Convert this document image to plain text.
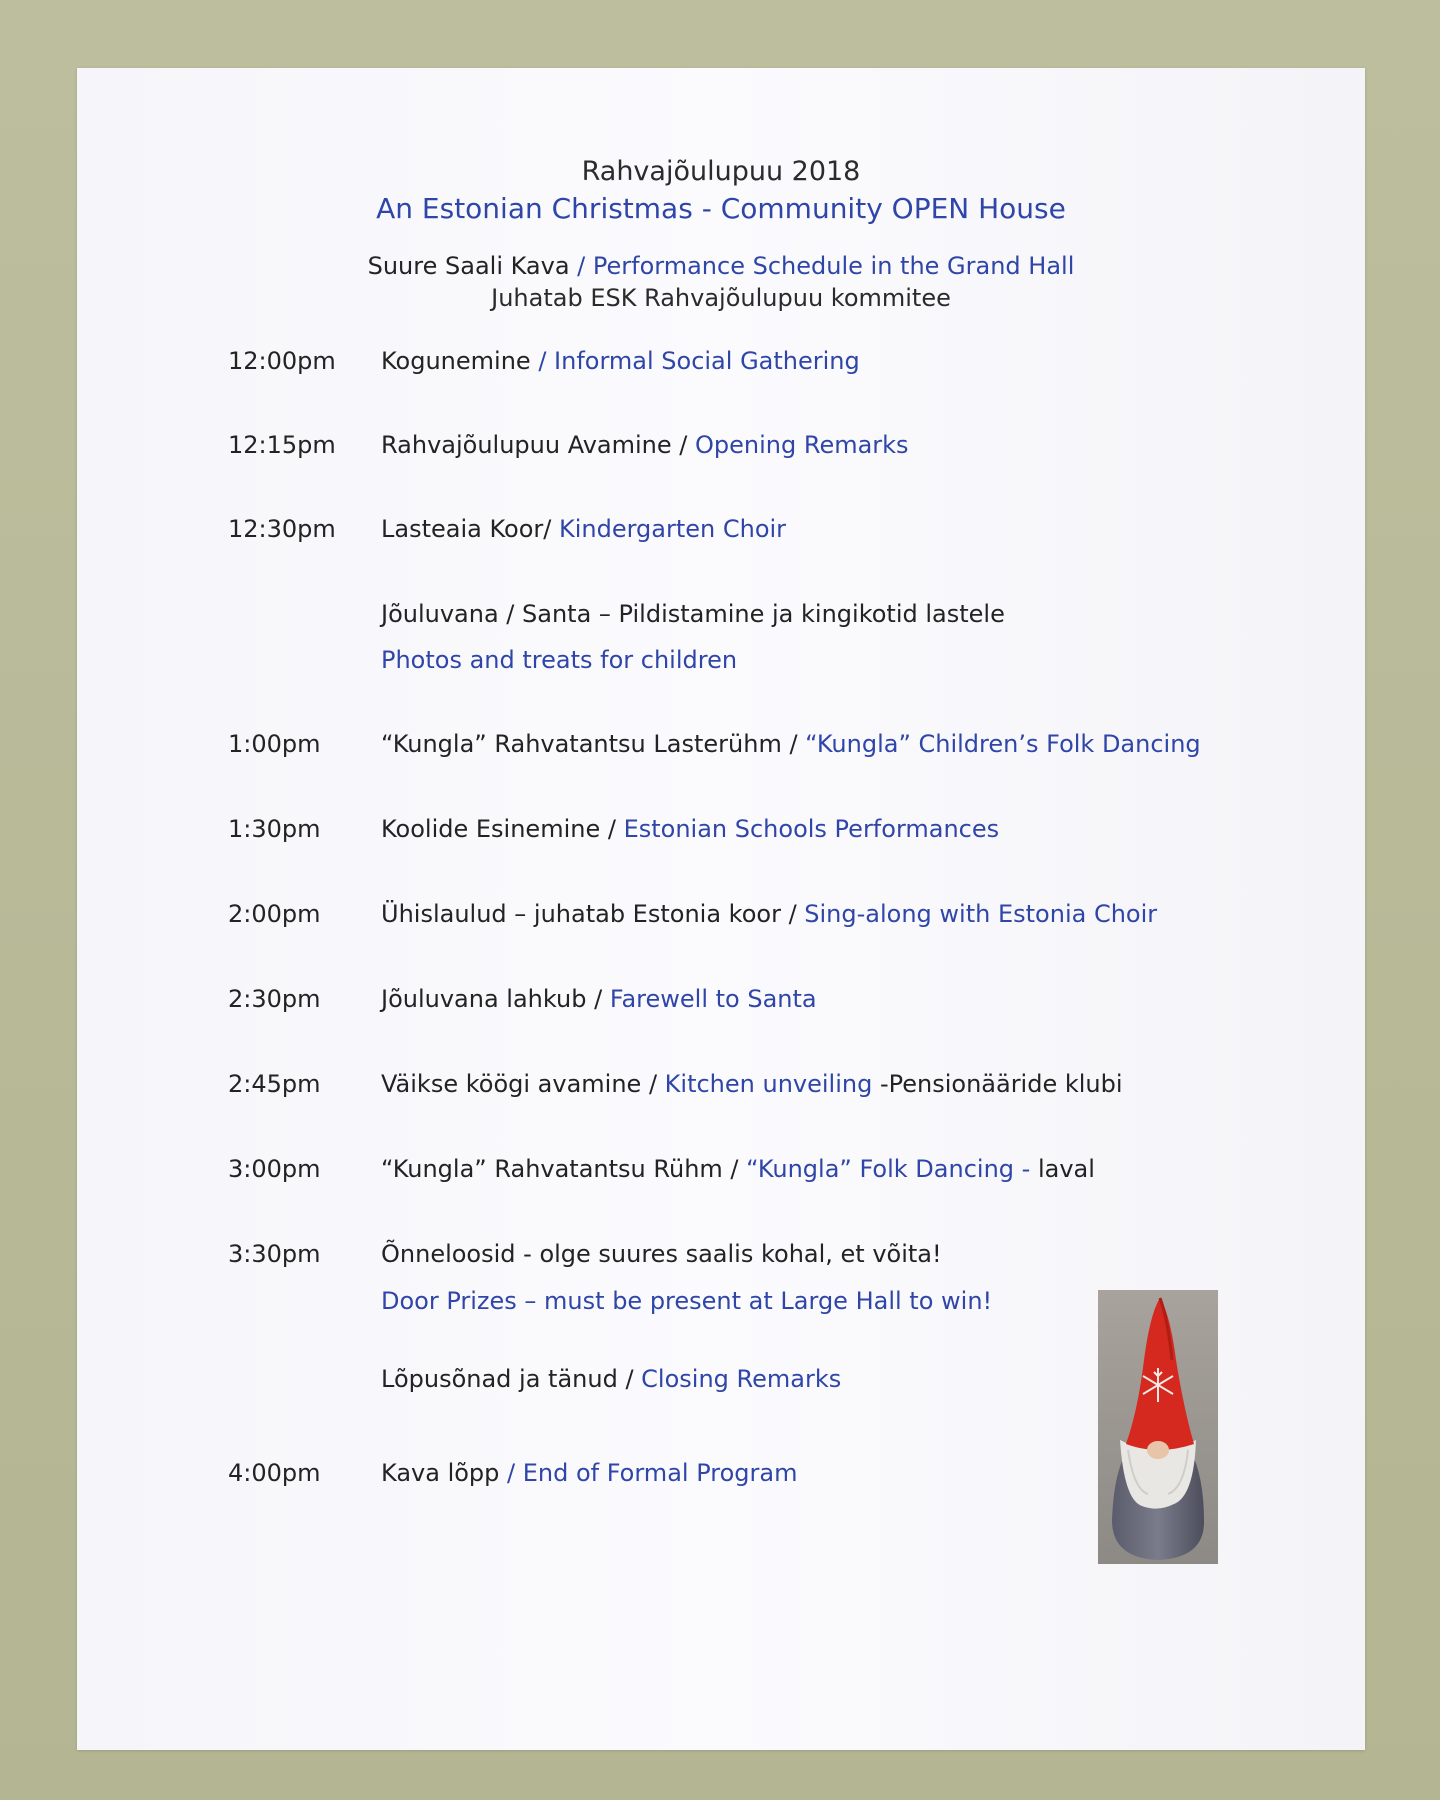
Rahvajõulupuu 2018
An Estonian Christmas - Community OPEN House
Suure Saali Kava / Performance Schedule in the Grand Hall
Juhatab ESK Rahvajõulupuu kommitee
12:00pm Kogunemine / Informal Social Gathering
12:15pm Rahvajõulupuu Avamine / Opening Remarks
12:30pm Lasteaia Koor/ Kindergarten Choir
Jõuluvana / Santa – Pildistamine ja kingikotid lastele
Photos and treats for children
1:00pm	“Kungla” Rahvatantsu Lasterühm / “Kungla” Children’s Folk Dancing
1:30pm	Koolide Esinemine / Estonian Schools Performances
2:00pm	Ühislaulud – juhatab Estonia koor / Sing-along with Estonia Choir
2:30pm	Jõuluvana lahkub / Farewell to Santa
2:45pm	Väikse köögi avamine / Kitchen unveiling -Pensionääride klubi
3:00pm	“Kungla” Rahvatantsu Rühm / “Kungla” Folk Dancing - laval
3:30pm	Õnneloosid - olge suures saalis kohal, et võita!
Door Prizes – must be present at Large Hall to win!
Lõpusõnad ja tänud / Closing Remarks
4:00pm	Kava lõpp / End of Formal Program
